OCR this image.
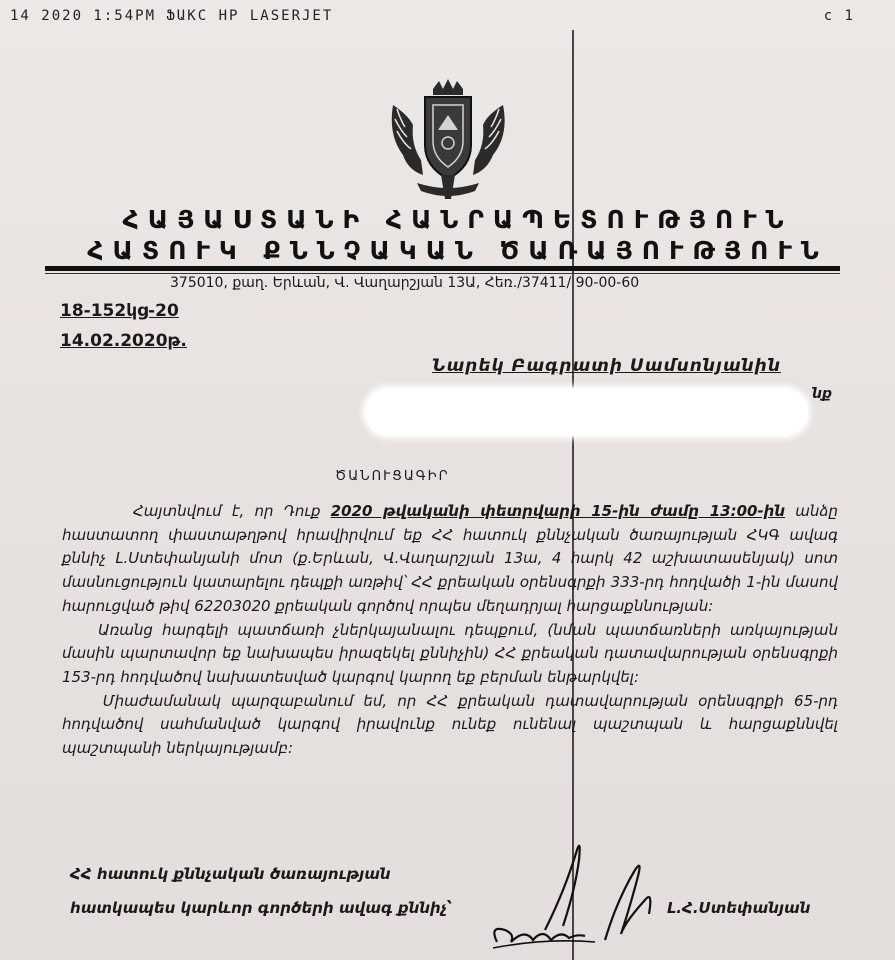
14 2020 1:54PM ՖԱКС HP LASERJET	c 1
ՀԱՅԱՍՏԱՆԻ ՀԱՆՐԱՊԵՏՈՒԹՅՈՒՆ
ՀԱՏՈՒԿ ՔՆՆՉԱԿԱՆ ԾԱՌԱՅՈՒԹՅՈՒՆ
375010, քաղ. Երևան, Վ. Վաղարշյան 13Ա, Հեռ./37411/ 90-00-60
18-152կց-20
14.02.2020թ.
Նարեկ Բագրատի Սամսոնյանին
նք
ԾԱՆՈՒՑԱԳԻՐ

Հայտնվում է, որ Դուք 2020 թվականի փետրվարի 15-ին ժամը 13:00-ին անձը հաստատող փաստաթղթով հրավիրվում եք ՀՀ հատուկ քննչական ծառայության ՀԿԳ ավագ քննիչ Լ.Ստեփանյանի մոտ (ք.Երևան, Վ.Վաղարշյան 13ա, 4 հարկ 42 աշխատասենյակ) սոտ մասնուցություն կատարելու դեպքի առթիվ՝ ՀՀ քրեական օրենսգրքի 333-րդ հոդվածի 1-ին մասով հարուցված թիվ 62203020 քրեական գործով որպես մեղադրյալ հարցաքննության:

Առանց հարգելի պատճառի չներկայանալու դեպքում, (նման պատճառների առկայության մասին պարտավոր եք նախապես իրազեկել քննիչին) ՀՀ քրեական դատավարության օրենսգրքի 153-րդ հոդվածով նախատեսված կարգով կարող եք բերման ենթարկվել:

Միաժամանակ պարզաբանում եմ, որ ՀՀ քրեական դատավարության օրենսգրքի 65-րդ հոդվածով սահմանված կարգով իրավունք ունեք ունենալ պաշտպան և հարցաքննվել պաշտպանի ներկայությամբ:

ՀՀ հատուկ քննչական ծառայության
հատկապես կարևոր գործերի ավագ քննիչ՝	Լ.Հ.Ստեփանյան
